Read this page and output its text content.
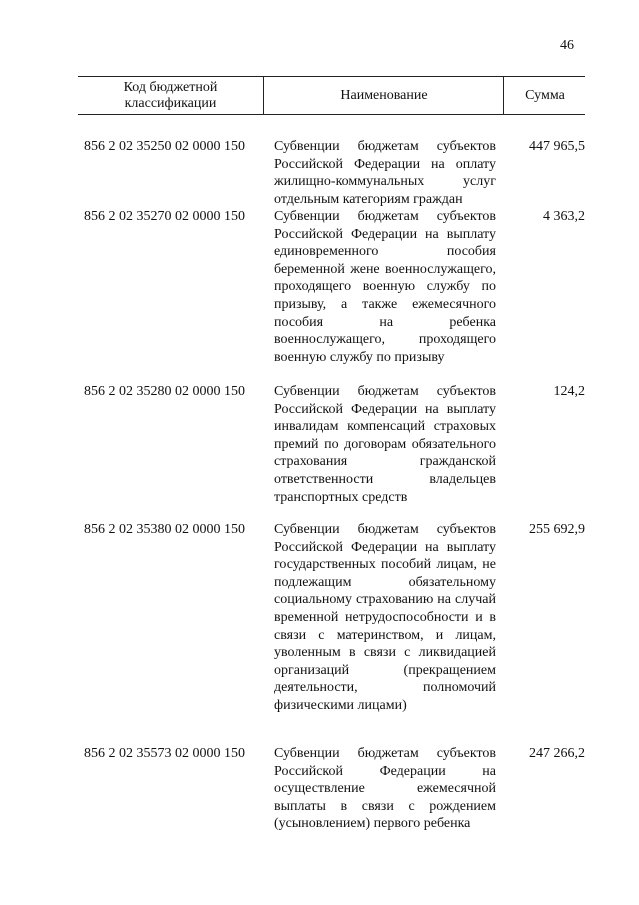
46
Код бюджетной классификации
Наименование	Сумма
856 2 02 35250 02 0000 150 Субвенции бюджетам субъектов Российской Федерации на оплату жилищно-коммунальных услуг отдельным категориям граждан
447 965,5
856 2 02 35270 02 0000 150 Субвенции бюджетам субъектов Российской Федерации на выплату единовременного пособия беременной жене военнослужащего, проходящего военную службу по призыву, а также ежемесячного пособия на ребенка военнослужащего, проходящего военную службу по призыву
4 363,2
856 2 02 35280 02 0000 150 Субвенции бюджетам субъектов Российской Федерации на выплату инвалидам компенсаций страховых премий по договорам обязательного страхования гражданской ответственности владельцев транспортных средств
124,2
856 2 02 35380 02 0000 150 Субвенции бюджетам субъектов Российской Федерации на выплату государственных пособий лицам, не подлежащим обязательному социальному страхованию на случай временной нетрудоспособности и в связи с материнством, и лицам, уволенным в связи с ликвидацией организаций (прекращением деятельности, полномочий физическими лицами)
255 692,9
856 2 02 35573 02 0000 150 Субвенции бюджетам субъектов Российской Федерации на осуществление ежемесячной выплаты в связи с рождением (усыновлением) первого ребенка
247 266,2
